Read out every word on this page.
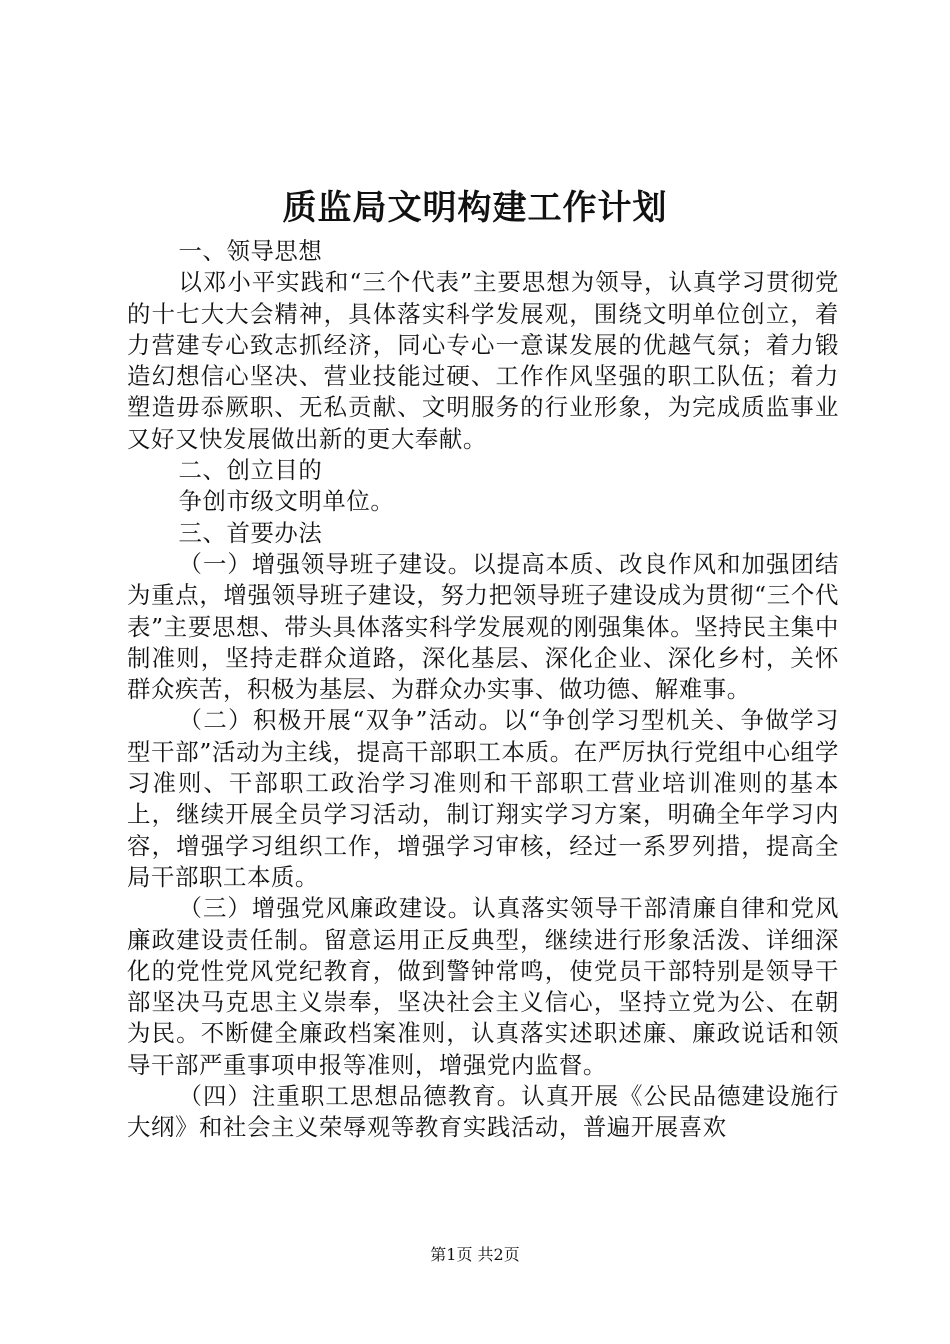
质监局文明构建工作计划

一、领导思想

以邓小平实践和“三个代表”主要思想为领导，认真学习贯彻党的十七大大会精神，具体落实科学发展观，围绕文明单位创立，着力营建专心致志抓经济，同心专心一意谋发展的优越气氛；着力锻造幻想信心坚决、营业技能过硬、工作作风坚强的职工队伍；着力塑造毋忝厥职、无私贡献、文明服务的行业形象，为完成质监事业又好又快发展做出新的更大奉献。

二、创立目的

争创市级文明单位。

三、首要办法

（一）增强领导班子建设。以提高本质、改良作风和加强团结为重点，增强领导班子建设，努力把领导班子建设成为贯彻“三个代表”主要思想、带头具体落实科学发展观的刚强集体。坚持民主集中制准则，坚持走群众道路，深化基层、深化企业、深化乡村，关怀群众疾苦，积极为基层、为群众办实事、做功德、解难事。

（二）积极开展“双争”活动。以“争创学习型机关、争做学习型干部”活动为主线，提高干部职工本质。在严厉执行党组中心组学习准则、干部职工政治学习准则和干部职工营业培训准则的基本上，继续开展全员学习活动，制订翔实学习方案，明确全年学习内容，增强学习组织工作，增强学习审核，经过一系罗列措，提高全局干部职工本质。

（三）增强党风廉政建设。认真落实领导干部清廉自律和党风廉政建设责任制。留意运用正反典型，继续进行形象活泼、详细深化的党性党风党纪教育，做到警钟常鸣，使党员干部特别是领导干部坚决马克思主义崇奉，坚决社会主义信心，坚持立党为公、在朝为民。不断健全廉政档案准则，认真落实述职述廉、廉政说话和领导干部严重事项申报等准则，增强党内监督。

（四）注重职工思想品德教育。认真开展《公民品德建设施行大纲》和社会主义荣辱观等教育实践活动，普遍开展喜欢

第1页 共2页
